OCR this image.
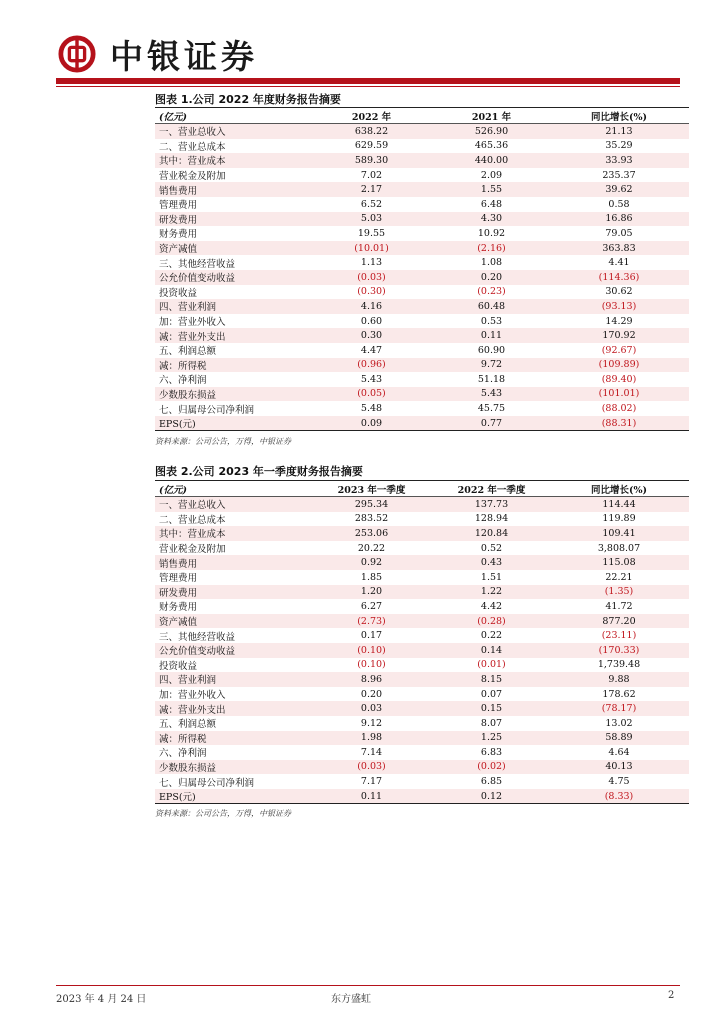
中银证券
图表 1.公司 2022 年度财务报告摘要
(亿元)	2022 年	2021 年	同比增长(%)
一、营业总收入	638.22	526.90	21.13
二、营业总成本	629.59	465.36	35.29
其中：营业成本	589.30	440.00	33.93
营业税金及附加	7.02	2.09	235.37
销售费用	2.17	1.55	39.62
管理费用	6.52	6.48	0.58
研发费用	5.03	4.30	16.86
财务费用	19.55	10.92	79.05
资产减值	(10.01)	(2.16)	363.83
三、其他经营收益	1.13	1.08	4.41
公允价值变动收益	(0.03)	0.20	(114.36)
投资收益	(0.30)	(0.23)	30.62
四、营业利润	4.16	60.48	(93.13)
加：营业外收入	0.60	0.53	14.29
减：营业外支出	0.30	0.11	170.92
五、利润总额	4.47	60.90	(92.67)
减：所得税	(0.96)	9.72	(109.89)
六、净利润	5.43	51.18	(89.40)
少数股东损益	(0.05)	5.43	(101.01)
七、归属母公司净利润	5.48	45.75	(88.02)
EPS(元)	0.09	0.77	(88.31)
资料来源：公司公告，万得，中银证券
图表 2.公司 2023 年一季度财务报告摘要
(亿元)	2023 年一季度	2022 年一季度	同比增长(%)
一、营业总收入	295.34	137.73	114.44
二、营业总成本	283.52	128.94	119.89
其中：营业成本	253.06	120.84	109.41
营业税金及附加	20.22	0.52	3,808.07
销售费用	0.92	0.43	115.08
管理费用	1.85	1.51	22.21
研发费用	1.20	1.22	(1.35)
财务费用	6.27	4.42	41.72
资产减值	(2.73)	(0.28)	877.20
三、其他经营收益	0.17	0.22	(23.11)
公允价值变动收益	(0.10)	0.14	(170.33)
投资收益	(0.10)	(0.01)	1,739.48
四、营业利润	8.96	8.15	9.88
加：营业外收入	0.20	0.07	178.62
减：营业外支出	0.03	0.15	(78.17)
五、利润总额	9.12	8.07	13.02
减：所得税	1.98	1.25	58.89
六、净利润	7.14	6.83	4.64
少数股东损益	(0.03)	(0.02)	40.13
七、归属母公司净利润	7.17	6.85	4.75
EPS(元)	0.11	0.12	(8.33)
资料来源：公司公告，万得，中银证券
2023 年 4 月 24 日	东方盛虹	2
